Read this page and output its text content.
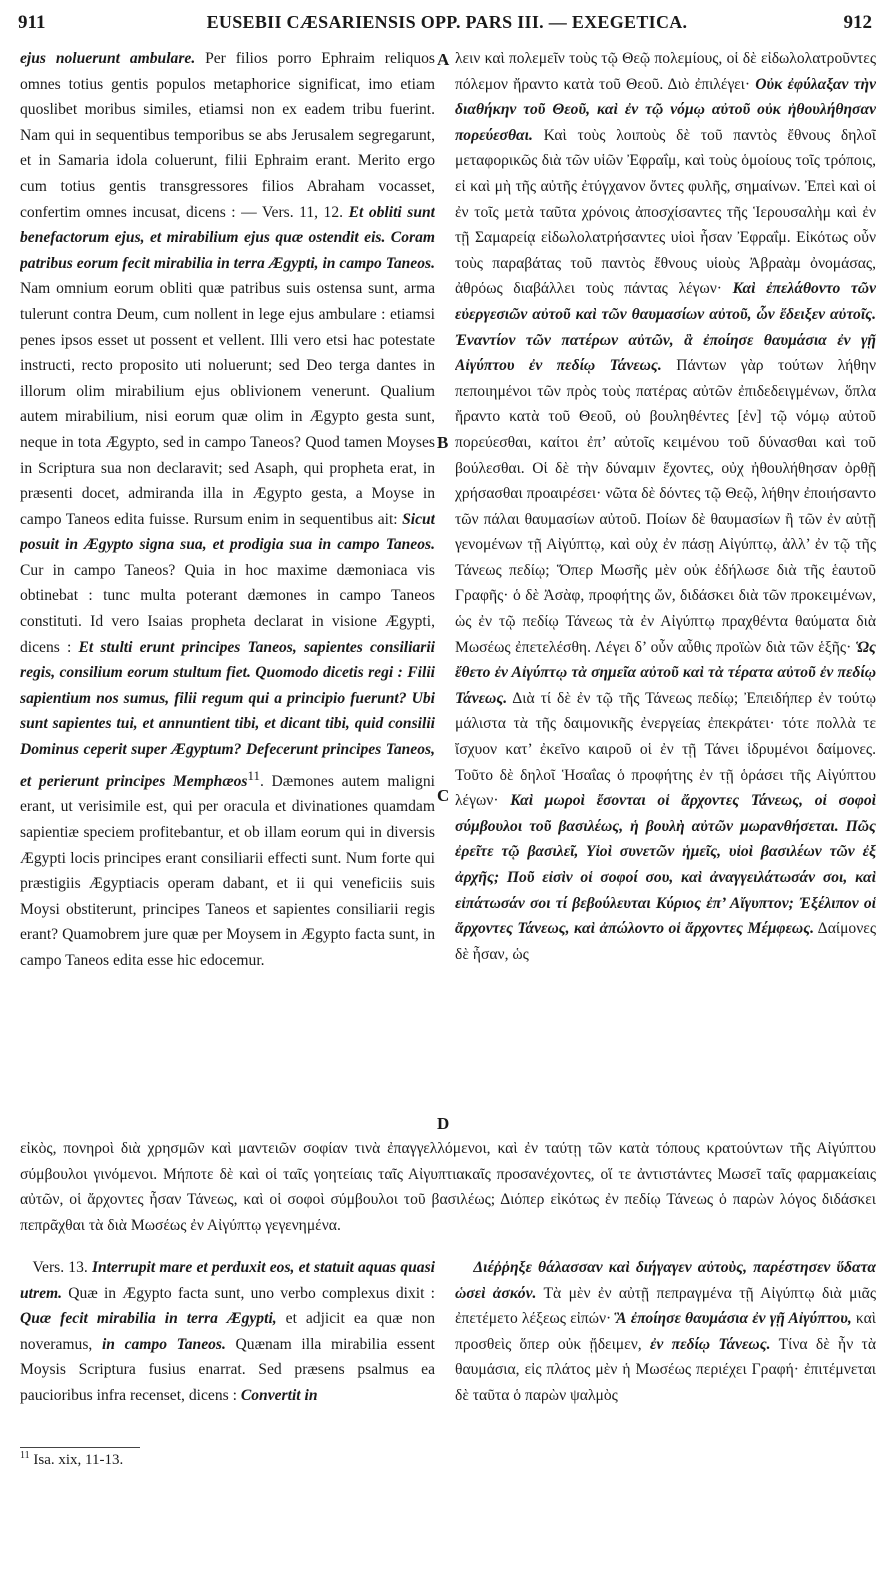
911	EUSEBII CÆSARIENSIS OPP. PARS III. — EXEGETICA.	912
ejus noluerunt ambulare. Per filios porro Ephraim reliquos omnes totius gentis populos metaphorice significat, imo etiam quoslibet moribus similes, etiamsi non ex eadem tribu fuerint. Nam qui in sequentibus temporibus se abs Jerusalem segregarunt, et in Samaria idola coluerunt, filii Ephraim erant. Merito ergo cum totius gentis transgressores filios Abraham vocasset, confertim omnes incusat, dicens : — Vers. 11, 12. Et obliti sunt benefactorum ejus, et mirabilium ejus quæ ostendit eis. Coram patribus eorum fecit mirabilia in terra Ægypti, in campo Taneos. Nam omnium eorum obliti quæ patribus suis ostensa sunt, arma tulerunt contra Deum, cum nollent in lege ejus ambulare : etiamsi penes ipsos esset ut possent et vellent. Illi vero etsi hac potestate instructi, recto proposito uti noluerunt; sed Deo terga dantes in illorum olim mirabilium ejus oblivionem venerunt. Qualium autem mirabilium, nisi eorum quæ olim in Ægypto gesta sunt, neque in tota Ægypto, sed in campo Taneos? Quod tamen Moyses in Scriptura sua non declaravit; sed Asaph, qui propheta erat, in præsenti docet, admiranda illa in Ægypto gesta, a Moyse in campo Taneos edita fuisse. Rursum enim in sequentibus ait: Sicut posuit in Ægypto signa sua, et prodigia sua in campo Taneos. Cur in campo Taneos? Quia in hoc maxime dæmoniaca vis obtinebat : tunc multa poterant dæmones in campo Taneos constituti. Id vero Isaias propheta declarat in visione Ægypti, dicens : Et stulti erunt principes Taneos, sapientes consiliarii regis, consilium eorum stultum fiet. Quomodo dicetis regi : Filii sapientium nos sumus, filii regum qui a principio fuerunt? Ubi sunt sapientes tui, et annuntient tibi, et dicant tibi, quid consilii Dominus ceperit super Ægyptum? Defecerunt principes Taneos, et perierunt principes Memphæos$^{11}$. Dæmones autem maligni erant, ut verisimile est, qui per oracula et divinationes quamdam sapientiæ speciem profitebantur, et ob illam eorum qui in diversis Ægypti locis principes erant consiliarii effecti sunt. Num forte qui præstigiis Ægyptiacis operam dabant, et ii qui veneficiis suis Moysi obstiterunt, principes Taneos et sapientes consiliarii regis erant? Quamobrem jure quæ per Moysem in Ægypto facta sunt, in campo Taneos edita esse hic edocemur.
λειν καὶ πολεμεῖν τοὺς τῷ Θεῷ πολεμίους, οἱ δὲ εἰδωλολατροῦντες πόλεμον ἤραντο κατὰ τοῦ Θεοῦ. Διὸ ἐπιλέγει· Οὐκ ἐφύλαξαν τὴν διαθήκην τοῦ Θεοῦ, καὶ ἐν τῷ νόμῳ αὐτοῦ οὐκ ἠθουλήθησαν πορεύεσθαι. Καὶ τοὺς λοιποὺς δὲ τοῦ παντὸς ἔθνους δηλοῖ μεταφορικῶς διὰ τῶν υἱῶν Ἐφραΐμ, καὶ τοὺς ὁμοίους τοῖς τρόποις, εἰ καὶ μὴ τῆς αὐτῆς ἐτύγχανον ὄντες φυλῆς, σημαίνων. Ἐπεὶ καὶ οἱ ἐν τοῖς μετὰ ταῦτα χρόνοις ἀποσχίσαντες τῆς Ἱερουσαλὴμ καὶ ἐν τῇ Σαμαρείᾳ εἰδωλολατρήσαντες υἱοὶ ἦσαν Ἐφραΐμ. Εἰκότως οὖν τοὺς παραβάτας τοῦ παντὸς ἔθνους υἱοὺς Ἀβραὰμ ὀνομάσας, ἀθρόως διαβάλλει τοὺς πάντας λέγων· Καὶ ἐπελάθοντο τῶν εὐεργεσιῶν αὐτοῦ καὶ τῶν θαυμασίων αὐτοῦ, ὧν ἔδειξεν αὐτοῖς. Ἐναντίον τῶν πατέρων αὐτῶν, ἃ ἐποίησε θαυμάσια ἐν γῇ Αἰγύπτου ἐν πεδίῳ Τάνεως. Πάντων γὰρ τούτων λήθην πεποιημένοι τῶν πρὸς τοὺς πατέρας αὐτῶν ἐπιδεδειγμένων, ὅπλα ἤραντο κατὰ τοῦ Θεοῦ, οὐ βουληθέντες [ἐν] τῷ νόμῳ αὐτοῦ πορεύεσθαι, καίτοι ἐπ’ αὐτοῖς κειμένου τοῦ δύνασθαι καὶ τοῦ βούλεσθαι. Οἱ δὲ τὴν δύναμιν ἔχοντες, οὐχ ἠθουλήθησαν ὀρθῇ χρήσασθαι προαιρέσει· νῶτα δὲ δόντες τῷ Θεῷ, λήθην ἐποιήσαντο τῶν πάλαι θαυμασίων αὐτοῦ. Ποίων δὲ θαυμασίων ἢ τῶν ἐν αὐτῇ γενομένων τῇ Αἰγύπτῳ, καὶ οὐχ ἐν πάσῃ Αἰγύπτῳ, ἀλλ’ ἐν τῷ τῆς Τάνεως πεδίῳ; Ὅπερ Μωσῆς μὲν οὐκ ἐδήλωσε διὰ τῆς ἑαυτοῦ Γραφῆς· ὁ δὲ Ἀσὰφ, προφήτης ὤν, διδάσκει διὰ τῶν προκειμένων, ὡς ἐν τῷ πεδίῳ Τάνεως τὰ ἐν Αἰγύπτῳ πραχθέντα θαύματα διὰ Μωσέως ἐπετελέσθη. Λέγει δ’ οὖν αὖθις προϊὼν διὰ τῶν ἑξῆς· Ὡς ἔθετο ἐν Αἰγύπτῳ τὰ σημεῖα αὐτοῦ καὶ τὰ τέρατα αὐτοῦ ἐν πεδίῳ Τάνεως. Διὰ τί δὲ ἐν τῷ τῆς Τάνεως πεδίῳ; Ἐπειδήπερ ἐν τούτῳ μάλιστα τὰ τῆς δαιμονικῆς ἐνεργείας ἐπεκράτει· τότε πολλὰ τε ἴσχυον κατ’ ἐκεῖνο καιροῦ οἱ ἐν τῇ Τάνει ἱδρυμένοι δαίμονες. Τοῦτο δὲ δηλοῖ Ἡσαΐας ὁ προφήτης ἐν τῇ ὁράσει τῆς Αἰγύπτου λέγων· Καὶ μωροὶ ἔσονται οἱ ἄρχοντες Τάνεως, οἱ σοφοὶ σύμβουλοι τοῦ βασιλέως, ἡ βουλὴ αὐτῶν μωρανθήσεται. Πῶς ἐρεῖτε τῷ βασιλεῖ, Υἱοὶ συνετῶν ἡμεῖς, υἱοὶ βασιλέων τῶν ἐξ ἀρχῆς; Ποῦ εἰσὶν οἱ σοφοί σου, καὶ ἀναγγειλάτωσάν σοι, καὶ εἰπάτωσάν σοι τί βεβούλευται Κύριος ἐπ’ Αἴγυπτον; Ἐξέλιπον οἱ ἄρχοντες Τάνεως, καὶ ἀπώλοντο οἱ ἄρχοντες Μέμφεως. Δαίμονες δὲ ἦσαν, ὡς
A
B
C
D
εἰκὸς, πονηροὶ διὰ χρησμῶν καὶ μαντειῶν σοφίαν τινὰ ἐπαγγελλόμενοι, καὶ ἐν ταύτῃ τῶν κατὰ τόπους κρατούντων τῆς Αἰγύπτου σύμβουλοι γινόμενοι. Μήποτε δὲ καὶ οἱ ταῖς γοητείαις ταῖς Αἰγυπτιακαῖς προσανέχοντες, οἵ τε ἀντιστάντες Μωσεῖ ταῖς φαρμακείαις αὐτῶν, οἱ ἄρχοντες ἦσαν Τάνεως, καὶ οἱ σοφοὶ σύμβουλοι τοῦ βασιλέως; Διόπερ εἰκότως ἐν πεδίῳ Τάνεως ὁ παρὼν λόγος διδάσκει πεπρᾶχθαι τὰ διὰ Μωσέως ἐν Αἰγύπτῳ γεγενημένα.
Vers. 13. Interrupit mare et perduxit eos, et statuit aquas quasi utrem. Quæ in Ægypto facta sunt, uno verbo complexus dixit : Quæ fecit mirabilia in terra Ægypti, et adjicit ea quæ non noveramus, in campo Taneos. Quænam illa mirabilia essent Moysis Scriptura fusius enarrat. Sed præsens psalmus ea paucioribus infra recenset, dicens : Convertit in
Διέῤῥηξε θάλασσαν καὶ διήγαγεν αὐτοὺς, παρέστησεν ὕδατα ὡσεὶ ἀσκόν. Τὰ μὲν ἐν αὐτῇ πεπραγμένα τῇ Αἰγύπτῳ διὰ μιᾶς ἐπετέμετο λέξεως εἰπών· Ἃ ἐποίησε θαυμάσια ἐν γῇ Αἰγύπτου, καὶ προσθεὶς ὅπερ οὐκ ᾔδειμεν, ἐν πεδίῳ Τάνεως. Τίνα δὲ ἦν τὰ θαυμάσια, εἰς πλάτος μὲν ἡ Μωσέως περιέχει Γραφή· ἐπιτέμνεται δὲ ταῦτα ὁ παρὼν ψαλμὸς
$^{11}$ Isa. xix, 11-13.
